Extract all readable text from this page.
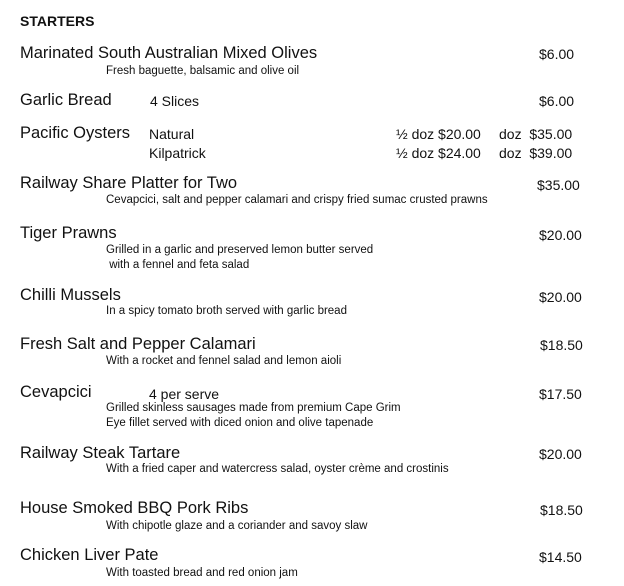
STARTERS
Marinated South Australian Mixed Olives	$6.00
Fresh baguette, balsamic and olive oil
Garlic Bread	4 Slices	$6.00
Pacific Oysters Natural	½ doz $20.00 doz  $35.00
Kilpatrick	½ doz $24.00 doz  $39.00
Railway Share Platter for Two	$35.00
Cevapcici, salt and pepper calamari and crispy fried sumac crusted prawns
Tiger Prawns	$20.00
Grilled in a garlic and preserved lemon butter served
with a fennel and feta salad
Chilli Mussels	$20.00
In a spicy tomato broth served with garlic bread
Fresh Salt and Pepper Calamari	$18.50
With a rocket and fennel salad and lemon aioli
Cevapcici	4 per serve	$17.50
Grilled skinless sausages made from premium Cape Grim
Eye fillet served with diced onion and olive tapenade
Railway Steak Tartare	$20.00
With a fried caper and watercress salad, oyster crème and crostinis
House Smoked BBQ Pork Ribs	$18.50
With chipotle glaze and a coriander and savoy slaw
Chicken Liver Pate	$14.50
With toasted bread and red onion jam
